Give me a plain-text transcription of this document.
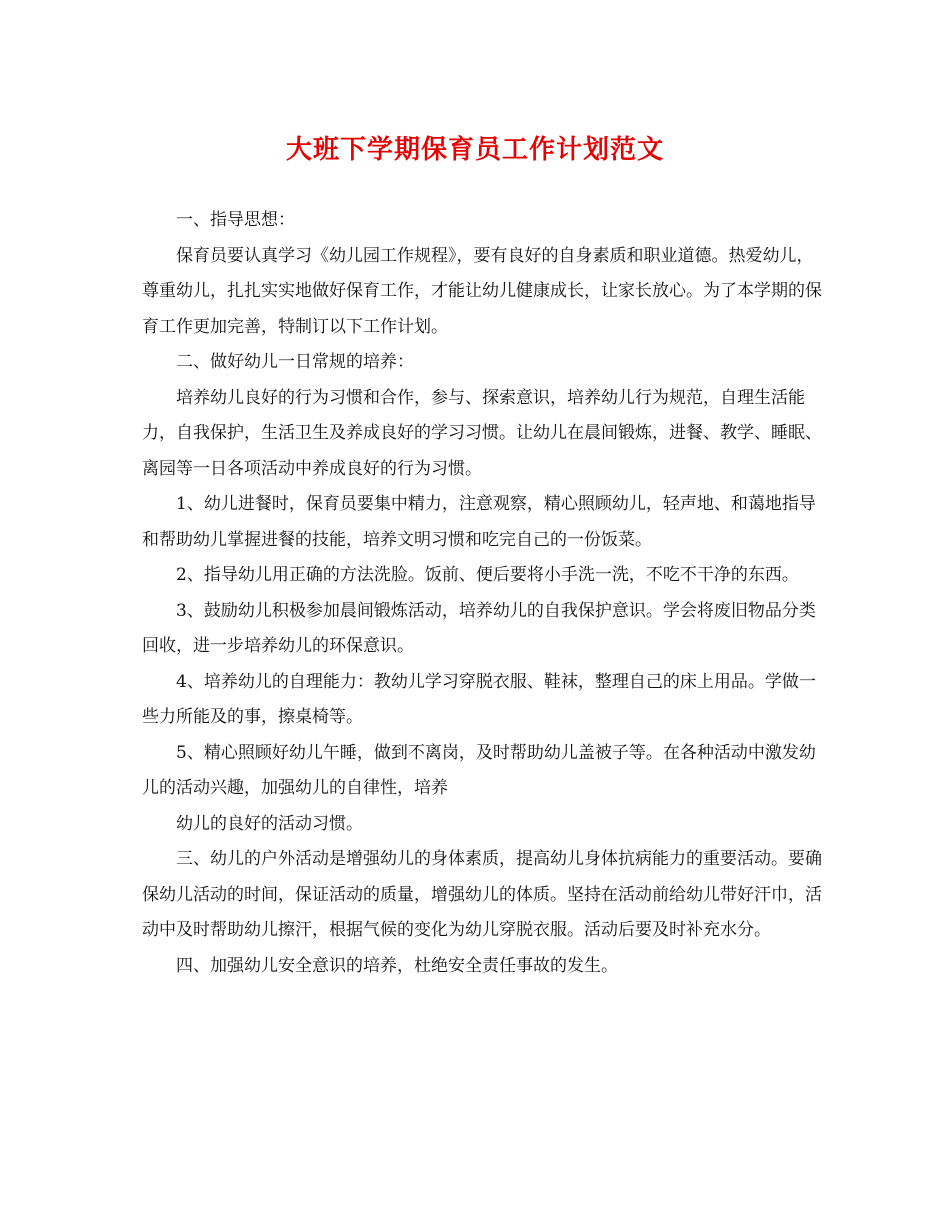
大班下学期保育员工作计划范文

一、指导思想：

保育员要认真学习《幼儿园工作规程》，要有良好的自身素质和职业道德。热爱幼儿，尊重幼儿，扎扎实实地做好保育工作，才能让幼儿健康成长，让家长放心。为了本学期的保育工作更加完善，特制订以下工作计划。

二、做好幼儿一日常规的培养：

培养幼儿良好的行为习惯和合作，参与、探索意识，培养幼儿行为规范，自理生活能力，自我保护，生活卫生及养成良好的学习习惯。让幼儿在晨间锻炼，进餐、教学、睡眠、离园等一日各项活动中养成良好的行为习惯。

1、幼儿进餐时，保育员要集中精力，注意观察，精心照顾幼儿，轻声地、和蔼地指导和帮助幼儿掌握进餐的技能，培养文明习惯和吃完自己的一份饭菜。

2、指导幼儿用正确的方法洗脸。饭前、便后要将小手洗一洗，不吃不干净的东西。

3、鼓励幼儿积极参加晨间锻炼活动，培养幼儿的自我保护意识。学会将废旧物品分类回收，进一步培养幼儿的环保意识。

4、培养幼儿的自理能力：教幼儿学习穿脱衣服、鞋袜，整理自己的床上用品。学做一些力所能及的事，擦桌椅等。

5、精心照顾好幼儿午睡，做到不离岗，及时帮助幼儿盖被子等。在各种活动中激发幼儿的活动兴趣，加强幼儿的自律性，培养

幼儿的良好的活动习惯。

三、幼儿的户外活动是增强幼儿的身体素质，提高幼儿身体抗病能力的重要活动。要确保幼儿活动的时间，保证活动的质量，增强幼儿的体质。坚持在活动前给幼儿带好汗巾，活动中及时帮助幼儿擦汗，根据气候的变化为幼儿穿脱衣服。活动后要及时补充水分。

四、加强幼儿安全意识的培养，杜绝安全责任事故的发生。
